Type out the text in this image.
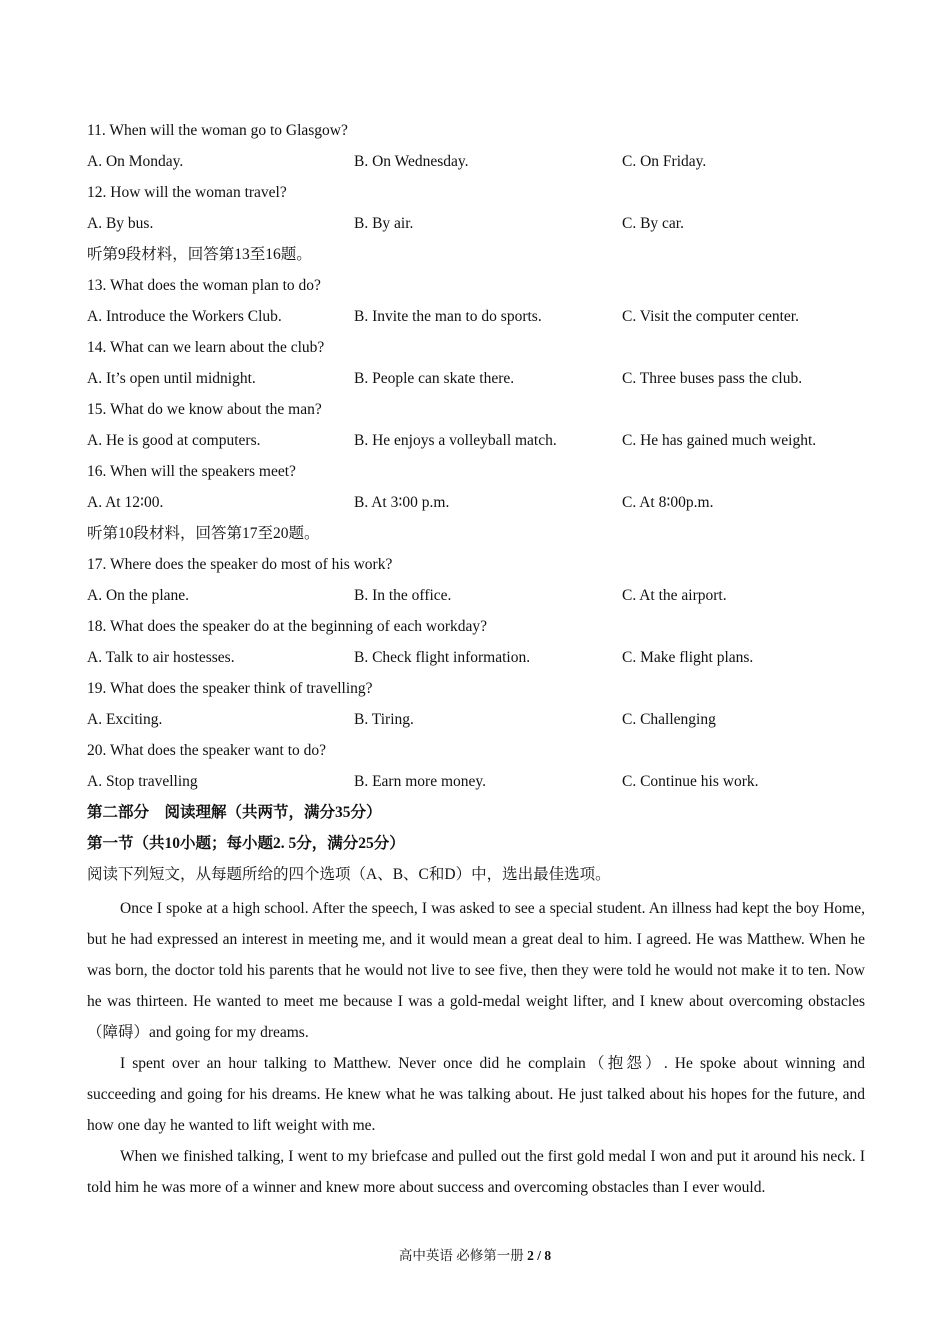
11. When will the woman go to Glasgow?
A. On Monday.	B. On Wednesday.	C. On Friday.
12. How will the woman travel?
A. By bus.	B. By air.	C. By car.
听第9段材料，回答第13至16题。
13. What does the woman plan to do?
A. Introduce the Workers Club.	B. Invite the man to do sports.	C. Visit the computer center.
14. What can we learn about the club?
A. It’s open until midnight.	B. People can skate there.	C. Three buses pass the club.
15. What do we know about the man?
A. He is good at computers.	B. He enjoys a volleyball match.	C. He has gained much weight.
16. When will the speakers meet?
A. At 12∶00.	B. At 3∶00 p.m.	C. At 8∶00p.m.
听第10段材料，回答第17至20题。
17. Where does the speaker do most of his work?
A. On the plane.	B. In the office.	C. At the airport.
18. What does the speaker do at the beginning of each workday?
A. Talk to air hostesses.	B. Check flight information.	C. Make flight plans.
19. What does the speaker think of travelling?
A. Exciting.	B. Tiring.	C. Challenging
20. What does the speaker want to do?
A. Stop travelling	B. Earn more money.	C. Continue his work.
第二部分　阅读理解（共两节，满分35分）
第一节（共10小题；每小题2. 5分，满分25分）
阅读下列短文，从每题所给的四个选项（A、B、C和D）中，选出最佳选项。

Once I spoke at a high school. After the speech, I was asked to see a special student. An illness had kept the boy Home, but he had expressed an interest in meeting me, and it would mean a great deal to him. I agreed. He was Matthew. When he was born, the doctor told his parents that he would not live to see five, then they were told he would not make it to ten. Now he was thirteen. He wanted to meet me because I was a gold-medal weight lifter, and I knew about overcoming obstacles（障碍）and going for my dreams.

I spent over an hour talking to Matthew. Never once did he complain（抱怨）. He spoke about winning and succeeding and going for his dreams. He knew what he was talking about. He just talked about his hopes for the future, and how one day he wanted to lift weight with me.

When we finished talking, I went to my briefcase and pulled out the first gold medal I won and put it around his neck. I told him he was more of a winner and knew more about success and overcoming obstacles than I ever would.

高中英语 必修第一册 2 / 8
